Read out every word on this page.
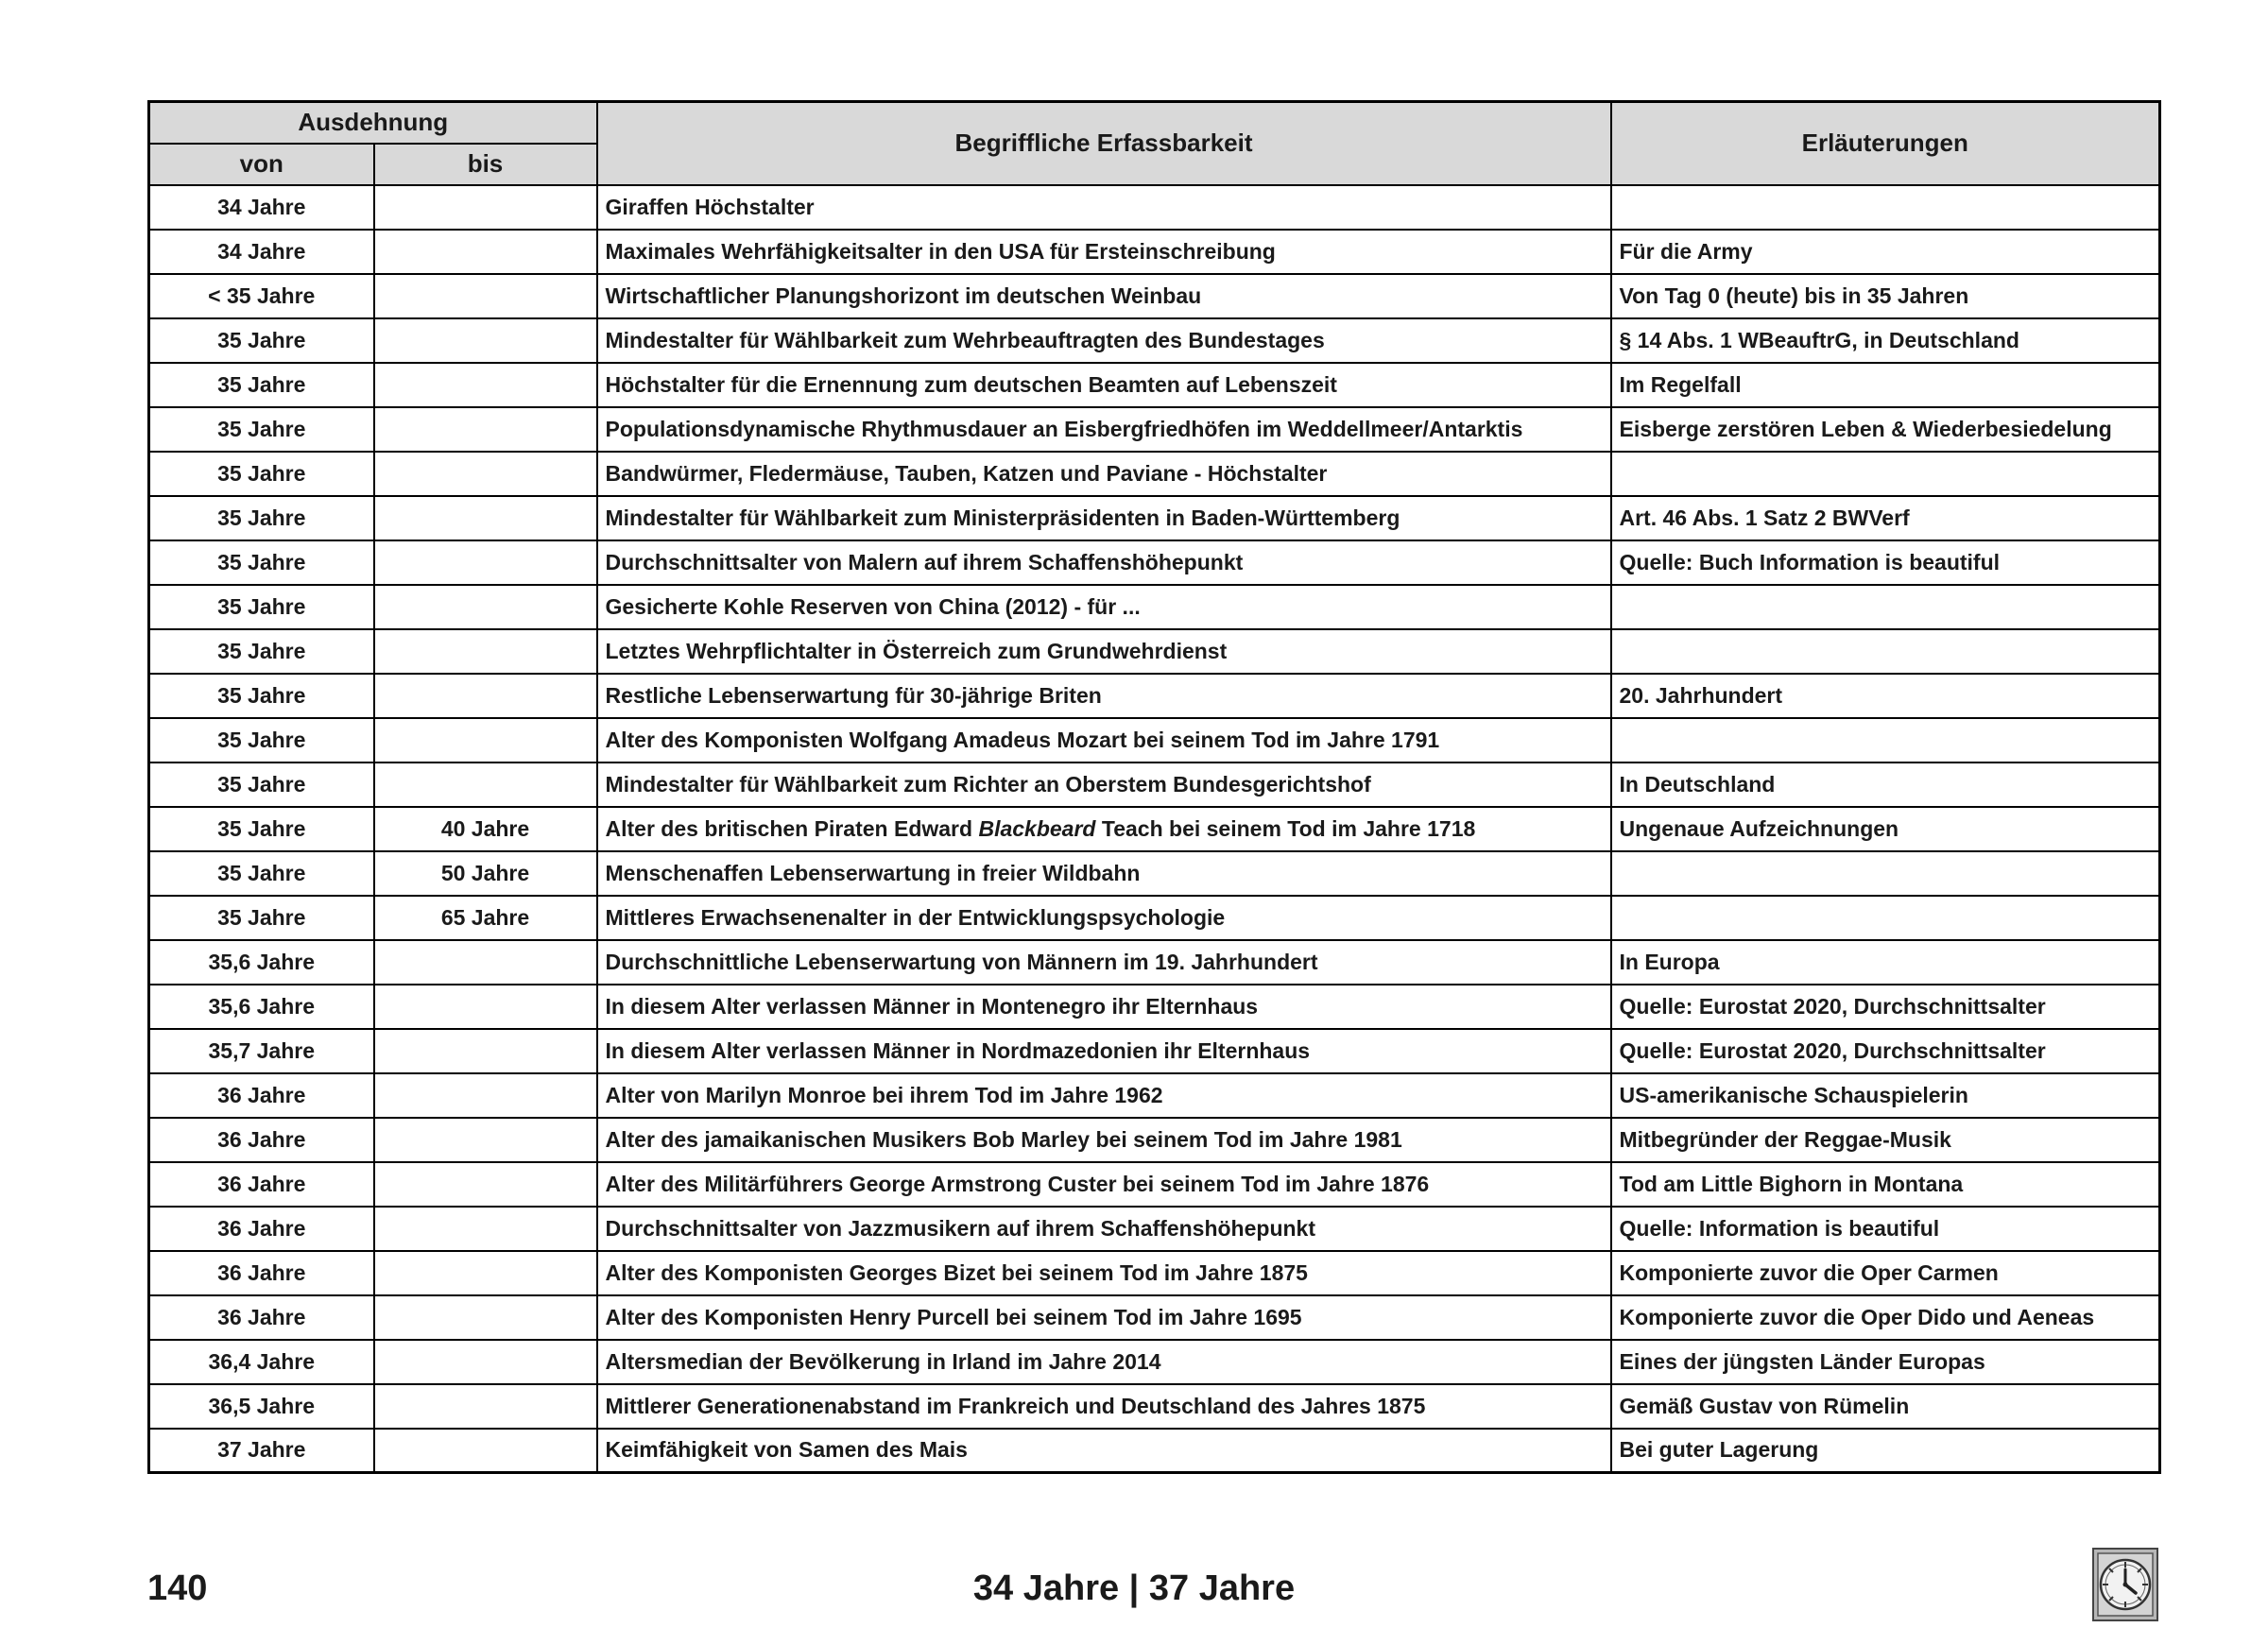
Ausdehnung		Begriffliche Erfassbarkeit	Erläuterungen
von	bis		
34 Jahre		Giraffen Höchstalter	
34 Jahre		Maximales Wehrfähigkeitsalter in den USA für Ersteinschreibung	Für die Army
< 35 Jahre		Wirtschaftlicher Planungshorizont im deutschen Weinbau	Von Tag 0 (heute) bis in 35 Jahren
35 Jahre		Mindestalter für Wählbarkeit zum Wehrbeauftragten des Bundestages	§ 14 Abs. 1 WBeauftrG, in Deutschland
35 Jahre		Höchstalter für die Ernennung zum deutschen Beamten auf Lebenszeit	Im Regelfall
35 Jahre		Populationsdynamische Rhythmusdauer an Eisbergfriedhöfen im Weddellmeer/Antarktis	Eisberge zerstören Leben & Wiederbesiedelung
35 Jahre		Bandwürmer, Fledermäuse, Tauben, Katzen und Paviane - Höchstalter	
35 Jahre		Mindestalter für Wählbarkeit zum Ministerpräsidenten in Baden-Württemberg	Art. 46 Abs. 1 Satz 2 BWVerf
35 Jahre		Durchschnittsalter von Malern auf ihrem Schaffenshöhepunkt	Quelle: Buch Information is beautiful
35 Jahre		Gesicherte Kohle Reserven von China (2012) - für ...	
35 Jahre		Letztes Wehrpflichtalter in Österreich zum Grundwehrdienst	
35 Jahre		Restliche Lebenserwartung für 30-jährige Briten	20. Jahrhundert
35 Jahre		Alter des Komponisten Wolfgang Amadeus Mozart bei seinem Tod im Jahre 1791	
35 Jahre		Mindestalter für Wählbarkeit zum Richter an Oberstem Bundesgerichtshof	In Deutschland
35 Jahre	40 Jahre	Alter des britischen Piraten Edward Blackbeard Teach bei seinem Tod im Jahre 1718	Ungenaue Aufzeichnungen
35 Jahre	50 Jahre	Menschenaffen Lebenserwartung in freier Wildbahn	
35 Jahre	65 Jahre	Mittleres Erwachsenenalter in der Entwicklungspsychologie	
35,6 Jahre		Durchschnittliche Lebenserwartung von Männern im 19. Jahrhundert	In Europa
35,6 Jahre		In diesem Alter verlassen Männer in Montenegro ihr Elternhaus	Quelle: Eurostat 2020, Durchschnittsalter
35,7 Jahre		In diesem Alter verlassen Männer in Nordmazedonien ihr Elternhaus	Quelle: Eurostat 2020, Durchschnittsalter
36 Jahre		Alter von Marilyn Monroe bei ihrem Tod im Jahre 1962	US-amerikanische Schauspielerin
36 Jahre		Alter des jamaikanischen Musikers Bob Marley bei seinem Tod im Jahre 1981	Mitbegründer der Reggae-Musik
36 Jahre		Alter des Militärführers George Armstrong Custer bei seinem Tod im Jahre 1876	Tod am Little Bighorn in Montana
36 Jahre		Durchschnittsalter von Jazzmusikern auf ihrem Schaffenshöhepunkt	Quelle: Information is beautiful
36 Jahre		Alter des Komponisten Georges Bizet bei seinem Tod im Jahre 1875	Komponierte zuvor die Oper Carmen
36 Jahre		Alter des Komponisten Henry Purcell bei seinem Tod im Jahre 1695	Komponierte zuvor die Oper Dido und Aeneas
36,4 Jahre		Altersmedian der Bevölkerung in Irland im Jahre 2014	Eines der jüngsten Länder Europas
36,5 Jahre		Mittlerer Generationenabstand im Frankreich und Deutschland des Jahres 1875	Gemäß Gustav von Rümelin
37 Jahre		Keimfähigkeit von Samen des Mais	Bei guter Lagerung
140	34 Jahre | 37 Jahre
